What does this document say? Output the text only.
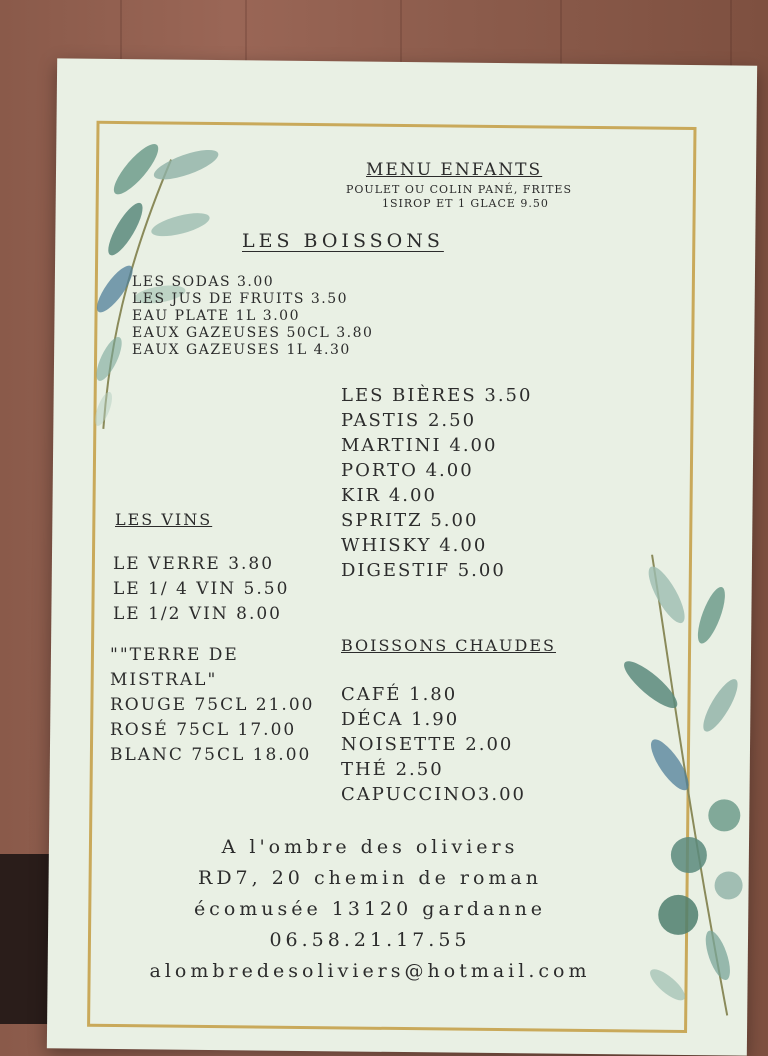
MENU ENFANTS
POULET OU COLIN PANÉ, FRITES
1SIROP ET 1 GLACE 9.50
LES BOISSONS
LES SODAS 3.00
LES JUS DE FRUITS 3.50
EAU PLATE 1L 3.00
EAUX GAZEUSES 50CL 3.80
EAUX GAZEUSES 1L 4.30
LES BIÈRES 3.50
PASTIS 2.50
MARTINI 4.00
PORTO 4.00
KIR 4.00
SPRITZ 5.00
WHISKY 4.00
DIGESTIF 5.00
LES VINS
LE VERRE 3.80
LE 1/ 4 VIN 5.50
LE 1/2 VIN 8.00
""TERRE DE
MISTRAL"
ROUGE 75CL 21.00
ROSÉ 75CL 17.00
BLANC 75CL 18.00
BOISSONS CHAUDES
CAFÉ 1.80
DÉCA 1.90
NOISETTE 2.00
THÉ 2.50
CAPUCCINO3.00
A l'ombre des oliviers
RD7, 20 chemin de roman
écomusée 13120 gardanne
06.58.21.17.55
alombredesoliviers@hotmail.com
